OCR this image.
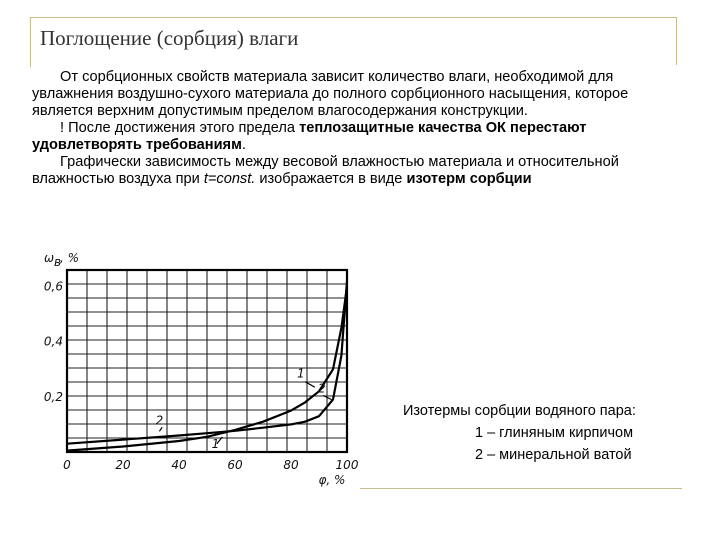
Поглощение (сорбция) влаги

От сорбционных свойств материала зависит количество влаги, необходимой для увлажнения воздушно-сухого материала до полного сорбционного насыщения, которое является верхним допустимым пределом влагосодержания конструкции.

! После достижения этого предела теплозащитные качества ОК перестают удовлетворять требованиям.

Графически зависимость между весовой влажностью материала и относительной влажностью воздуха при t=const. изображается в виде изотерм сорбции

0	20	40	60	80	100
0,2
0,4
0,6
ω в
, %
φ, %
1
2
2
1
Изотермы сорбции водяного пара:
1 – глиняным кирпичом
2 – минеральной ватой
